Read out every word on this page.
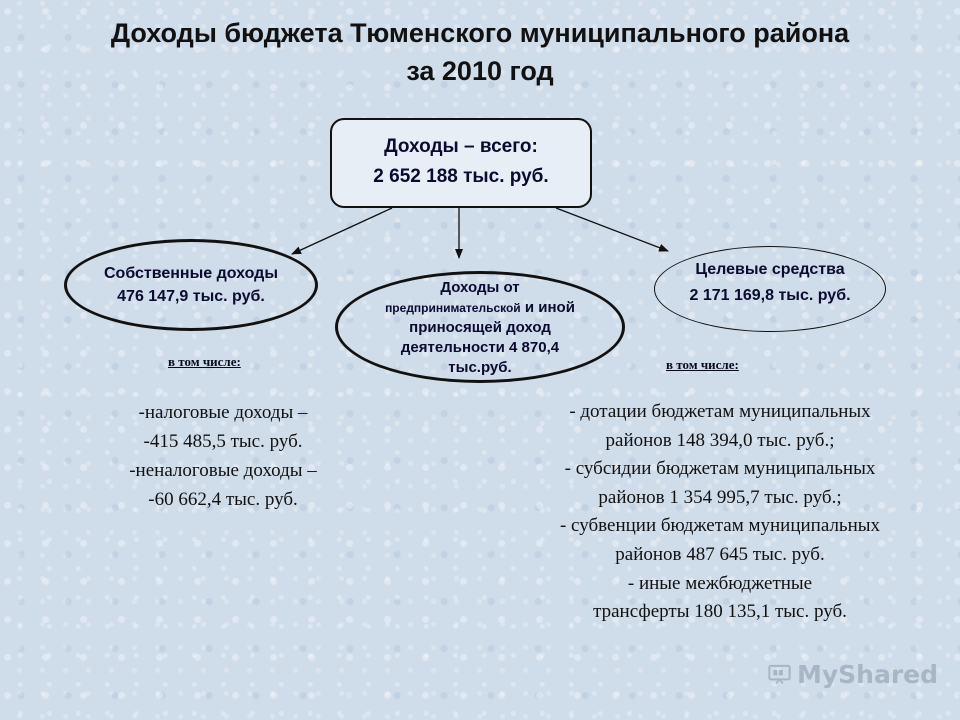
Доходы бюджета Тюменского муниципального района
за 2010 год
Доходы – всего:
2 652 188 тыс. руб.
Собственные доходы
476 147,9 тыс. руб.
Доходы от
предпринимательской и иной
приносящей доход
деятельности 4 870,4
тыс.руб.
Целевые средства
2 171 169,8 тыс. руб.
в том числе:	в том числе:
-налоговые доходы –
-415 485,5 тыс. руб.
-неналоговые доходы –
-60 662,4 тыс. руб.
- дотации бюджетам муниципальных
районов 148 394,0 тыс. руб.;
- субсидии бюджетам муниципальных
районов 1 354 995,7 тыс. руб.;
- субвенции бюджетам муниципальных
районов 487 645 тыс. руб.
- иные межбюджетные
трансферты 180 135,1 тыс. руб.
MyShared
